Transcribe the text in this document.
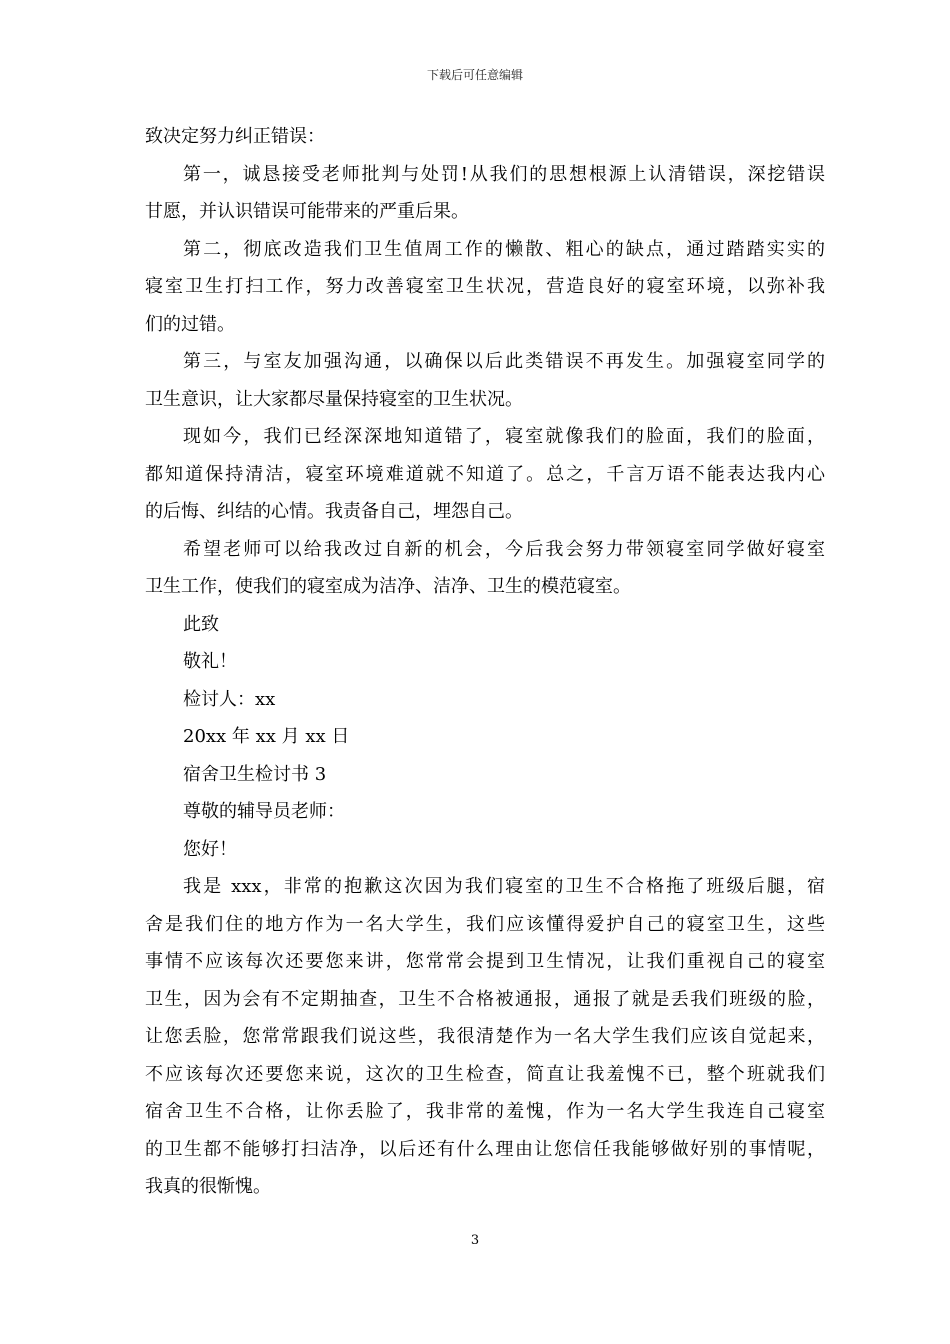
下载后可任意编辑
致决定努力纠正错误：
第一，诚恳接受老师批判与处罚!从我们的思想根源上认清错误，深挖错误
甘愿，并认识错误可能带来的严重后果。
第二，彻底改造我们卫生值周工作的懒散、粗心的缺点，通过踏踏实实的
寝室卫生打扫工作，努力改善寝室卫生状况，营造良好的寝室环境，以弥补我
们的过错。
第三，与室友加强沟通，以确保以后此类错误不再发生。加强寝室同学的
卫生意识，让大家都尽量保持寝室的卫生状况。
现如今，我们已经深深地知道错了，寝室就像我们的脸面，我们的脸面，
都知道保持清洁，寝室环境难道就不知道了。总之，千言万语不能表达我内心
的后悔、纠结的心情。我责备自己，埋怨自己。
希望老师可以给我改过自新的机会，今后我会努力带领寝室同学做好寝室
卫生工作，使我们的寝室成为洁净、洁净、卫生的模范寝室。
此致
敬礼！
检讨人：xx
20xx 年 xx 月 xx 日
宿舍卫生检讨书 3
尊敬的辅导员老师：
您好！
我是 xxx，非常的抱歉这次因为我们寝室的卫生不合格拖了班级后腿，宿
舍是我们住的地方作为一名大学生，我们应该懂得爱护自己的寝室卫生，这些
事情不应该每次还要您来讲，您常常会提到卫生情况，让我们重视自己的寝室
卫生，因为会有不定期抽查，卫生不合格被通报，通报了就是丢我们班级的脸，
让您丢脸，您常常跟我们说这些，我很清楚作为一名大学生我们应该自觉起来，
不应该每次还要您来说，这次的卫生检查，简直让我羞愧不已，整个班就我们
宿舍卫生不合格，让你丢脸了，我非常的羞愧，作为一名大学生我连自己寝室
的卫生都不能够打扫洁净，以后还有什么理由让您信任我能够做好别的事情呢，
我真的很惭愧。
3
